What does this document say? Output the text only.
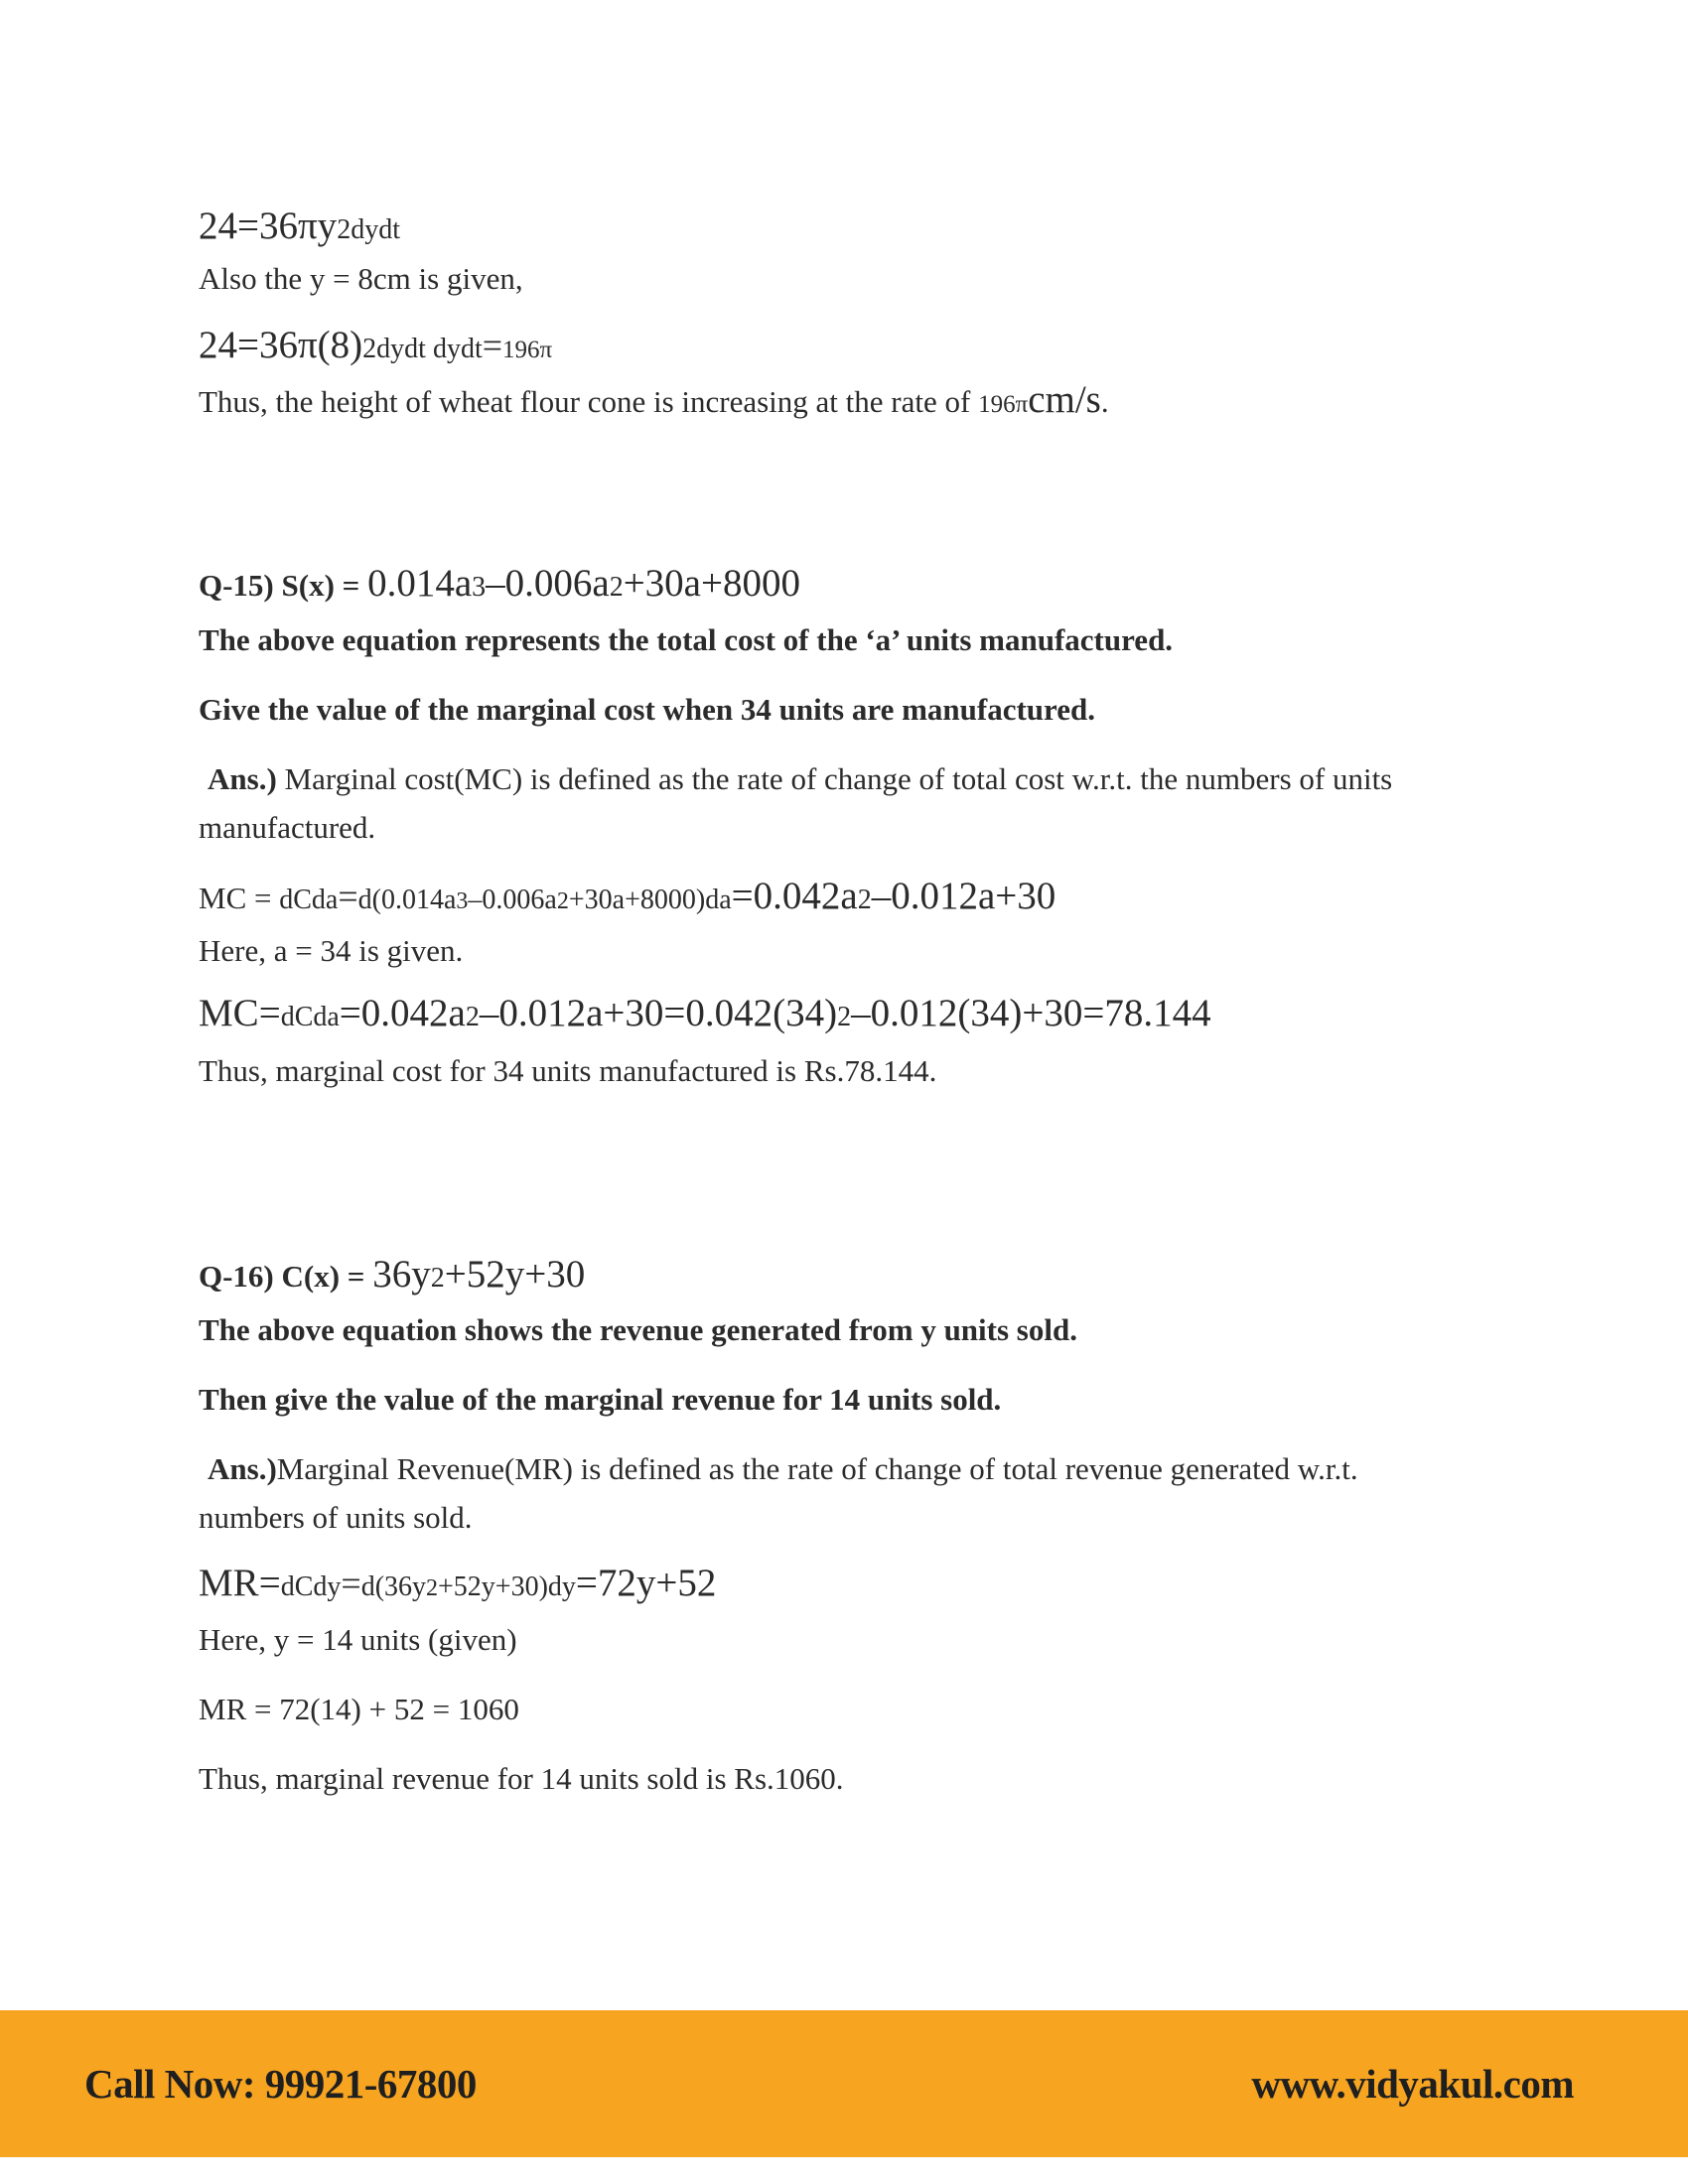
24=36πy2dydt
Also the y = 8cm is given,
24=36π(8)2dydt dydt=196π
Thus, the height of wheat flour cone is increasing at the rate of 196πcm/s.
Q-15) S(x) = 0.014a3–0.006a2+30a+8000
The above equation represents the total cost of the ‘a’ units manufactured.
Give the value of the marginal cost when 34 units are manufactured.
Ans.) Marginal cost(MC) is defined as the rate of change of total cost w.r.t. the numbers of units
manufactured.
MC = dCda=d(0.014a3–0.006a2+30a+8000)da=0.042a2–0.012a+30
Here, a = 34 is given.
MC=dCda=0.042a2–0.012a+30=0.042(34)2–0.012(34)+30=78.144
Thus, marginal cost for 34 units manufactured is Rs.78.144.
Q-16) C(x) = 36y2+52y+30
The above equation shows the revenue generated from y units sold.
Then give the value of the marginal revenue for 14 units sold.
Ans.)Marginal Revenue(MR) is defined as the rate of change of total revenue generated w.r.t.
numbers of units sold.
MR=dCdy=d(36y2+52y+30)dy=72y+52
Here, y = 14 units (given)
MR = 72(14) + 52 = 1060
Thus, marginal revenue for 14 units sold is Rs.1060.
Call Now: 99921-67800	www.vidyakul.com
